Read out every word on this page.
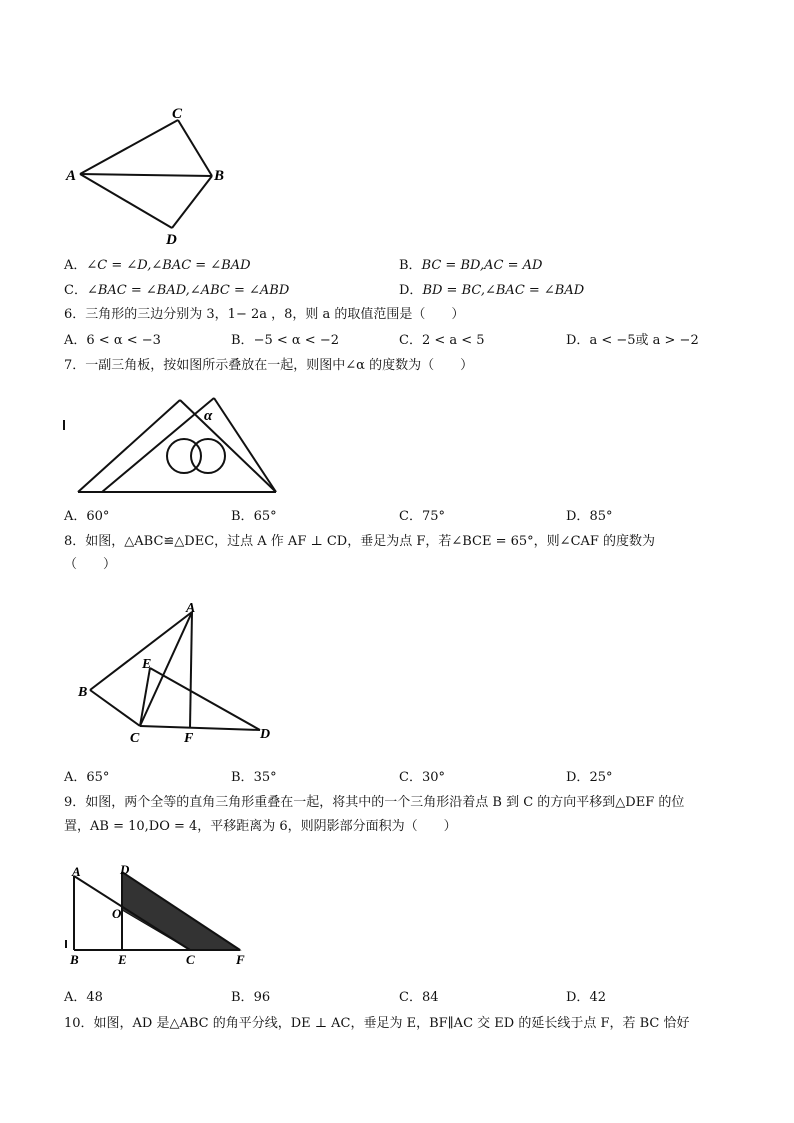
A	B
C
D
A．∠C = ∠D,∠BAC = ∠BAD	B．BC = BD,AC = AD
C．∠BAC = ∠BAD,∠ABC = ∠ABD	D．BD = BC,∠BAC = ∠BAD
6．三角形的三边分别为 3，1− 2a ，8，则 a 的取值范围是（　　）
A．6 < α < −3	B．−5 < α < −2	C．2 < a < 5	D．a < −5或 a > −2
7．一副三角板，按如图所示叠放在一起，则图中∠α 的度数为（　　）
α
A．60°	B．65°	C．75°	D．85°
8．如图，△ABC≌△DEC，过点 A 作 AF ⊥ CD，垂足为点 F，若∠BCE = 65°，则∠CAF 的度数为
（　　）
A
B
C	D
E
F
A．65°	B．35°	C．30°	D．25°
9．如图，两个全等的直角三角形重叠在一起，将其中的一个三角形沿着点 B 到 C 的方向平移到△DEF 的位
置，AB = 10,DO = 4，平移距离为 6，则阴影部分面积为（　　）
A
B	C
D
E	F
O
A．48	B．96	C．84	D．42
10．如图，AD 是△ABC 的角平分线，DE ⊥ AC，垂足为 E，BF∥AC 交 ED 的延长线于点 F，若 BC 恰好
